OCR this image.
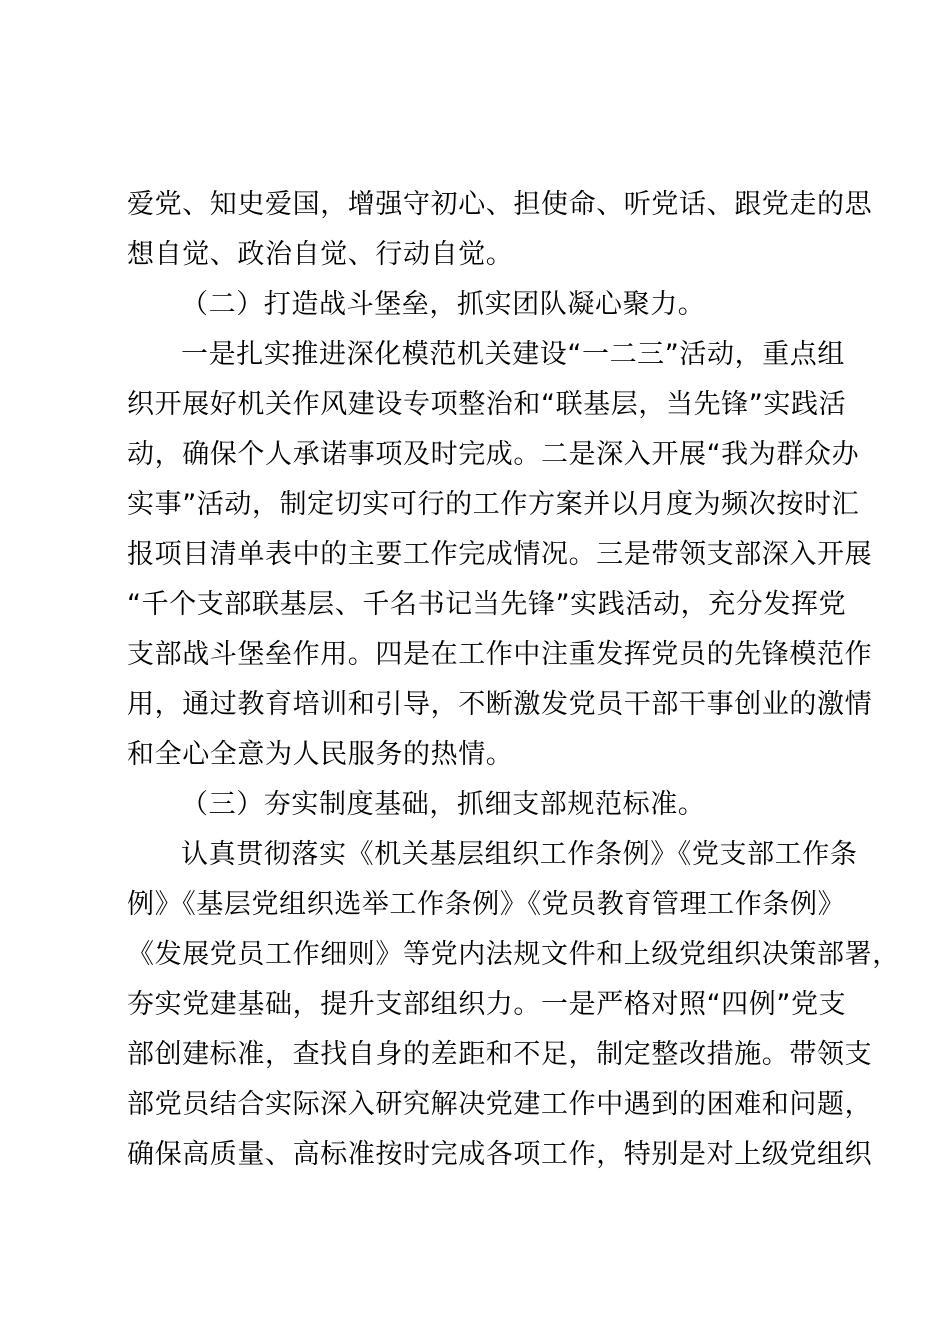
爱党、知史爱国，增强守初心、担使命、听党话、跟党走的思
想自觉、政治自觉、行动自觉。
（二）打造战斗堡垒，抓实团队凝心聚力。
一是扎实推进深化模范机关建设“一二三”活动，重点组
织开展好机关作风建设专项整治和“联基层，当先锋”实践活
动，确保个人承诺事项及时完成。二是深入开展“我为群众办
实事”活动，制定切实可行的工作方案并以月度为频次按时汇
报项目清单表中的主要工作完成情况。三是带领支部深入开展
“千个支部联基层、千名书记当先锋”实践活动，充分发挥党
支部战斗堡垒作用。四是在工作中注重发挥党员的先锋模范作
用，通过教育培训和引导，不断激发党员干部干事创业的激情
和全心全意为人民服务的热情。
（三）夯实制度基础，抓细支部规范标准。
认真贯彻落实《机关基层组织工作条例》《党支部工作条
例》《基层党组织选举工作条例》《党员教育管理工作条例》
《发展党员工作细则》等党内法规文件和上级党组织决策部署，
夯实党建基础，提升支部组织力。一是严格对照“四例”党支
部创建标准，查找自身的差距和不足，制定整改措施。带领支
部党员结合实际深入研究解决党建工作中遇到的困难和问题，
确保高质量、高标准按时完成各项工作，特别是对上级党组织
